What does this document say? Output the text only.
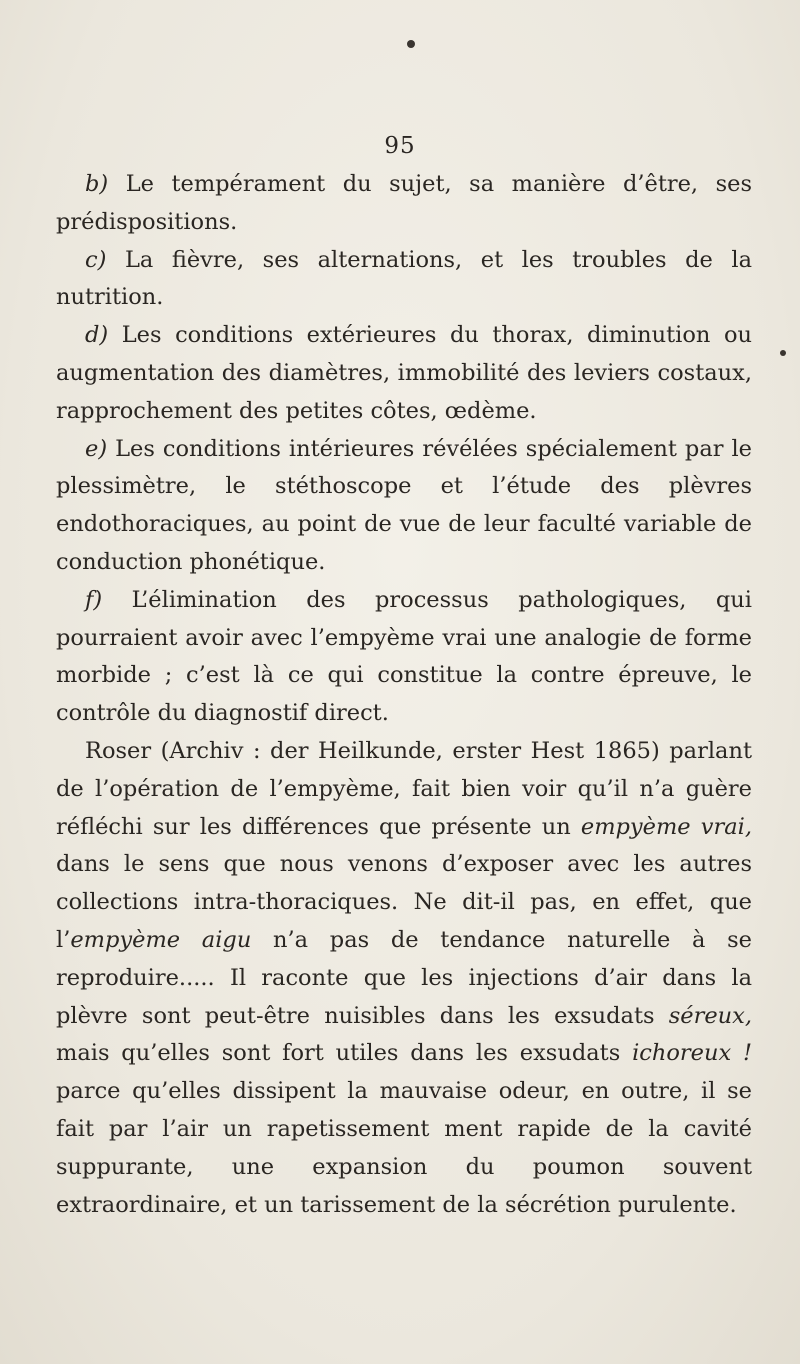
95

b) Le tempérament du sujet, sa manière d’être, ses prédispositions.

c) La fièvre, ses alternations, et les troubles de la nutrition.

d) Les conditions extérieures du thorax, diminution ou augmentation des diamètres, immobilité des leviers costaux, rapprochement des petites côtes, œdème.

e) Les conditions intérieures révélées spécialement par le plessimètre, le stéthoscope et l’étude des plèvres endothoraciques, au point de vue de leur faculté variable de conduction phonétique.

f) L’élimination des processus pathologiques, qui pourraient avoir avec l’empyème vrai une analogie de forme morbide ; c’est là ce qui constitue la contre épreuve, le contrôle du diagnostif direct.

Roser (Archiv : der Heilkunde, erster Hest 1865) parlant de l’opération de l’empyème, fait bien voir qu’il n’a guère réfléchi sur les différences que présente un empyème vrai, dans le sens que nous venons d’exposer avec les autres collections intra-thoraciques. Ne dit-il pas, en effet, que l’empyème aigu n’a pas de tendance naturelle à se reproduire..... Il raconte que les injections d’air dans la plèvre sont peut-être nuisibles dans les exsudats séreux, mais qu’elles sont fort utiles dans les exsudats ichoreux ! parce qu’elles dissipent la mauvaise odeur, en outre, il se fait par l’air un rapetissement ment rapide de la cavité suppurante, une expansion du poumon souvent extraordinaire, et un tarissement de la sécrétion purulente.
